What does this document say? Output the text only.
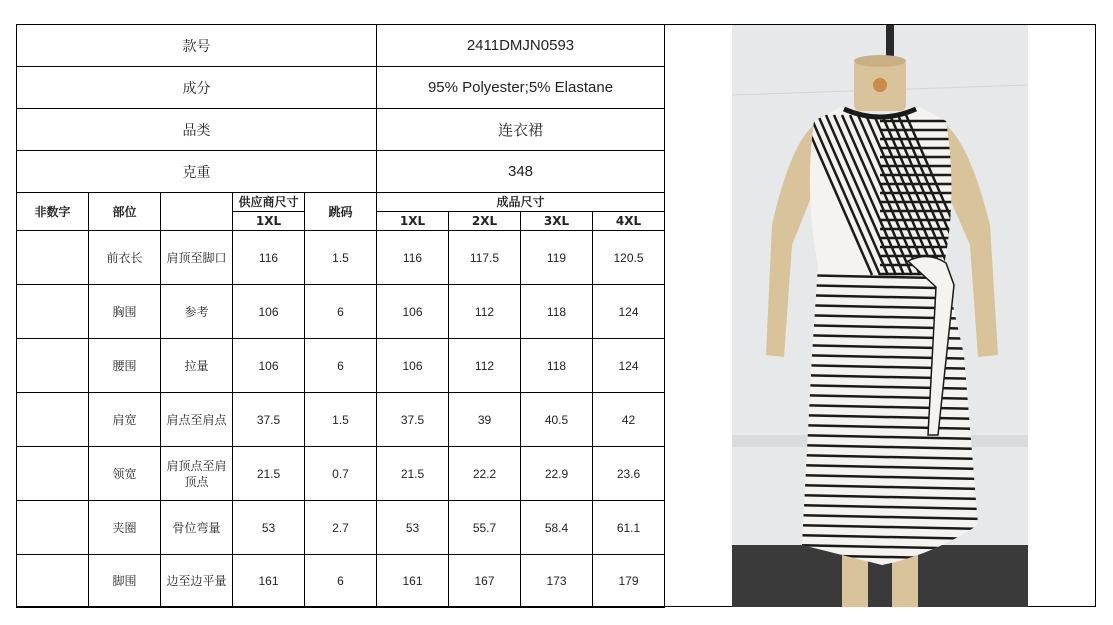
款号					2411DMJN0593			
成分					95% Polyester;5% Elastane			
品类					连衣裙			
克重					348			
非数字	部位		供应商尺寸	跳码	成品尺寸			
			1XL		1XL	2XL	3XL	4XL
	前衣长	肩顶至脚口	116	1.5	116	117.5	119	120.5
	胸围	参考	106	6	106	112	118	124
	腰围	拉量	106	6	106	112	118	124
	肩宽	肩点至肩点	37.5	1.5	37.5	39	40.5	42
	领宽	肩顶点至肩顶点	21.5	0.7	21.5	22.2	22.9	23.6
	夹圈	骨位弯量	53	2.7	53	55.7	58.4	61.1
	脚围	边至边平量	161	6	161	167	173	179
